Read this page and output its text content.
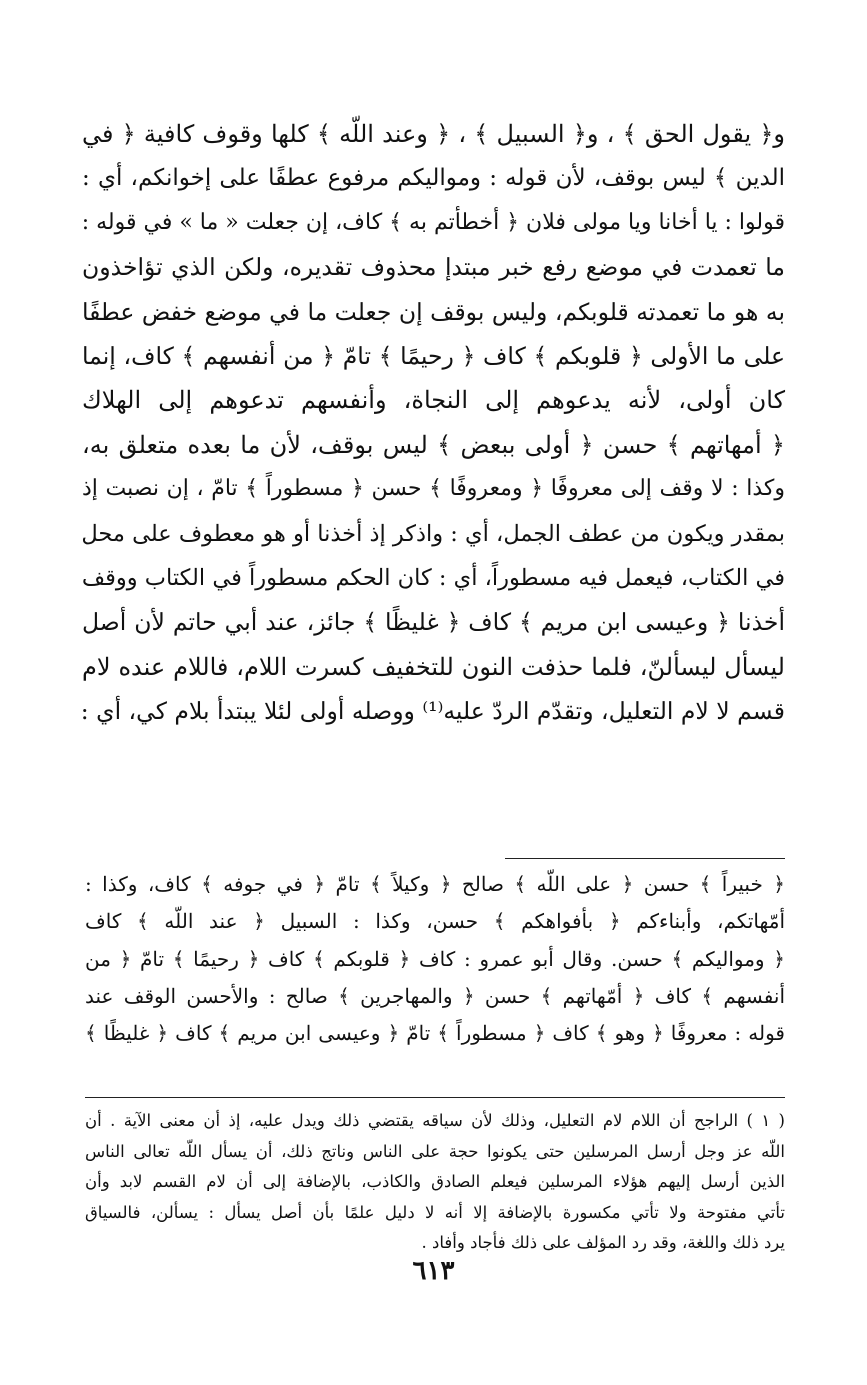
و﴿ يقول الحق ﴾ ، و﴿ السبيل ﴾ ، ﴿ وعند اللّه ﴾ كلها وقوف كافية ﴿ في

الدين ﴾ ليس بوقف، لأن قوله : ومواليكم مرفوع عطفًا على إخوانكم، أي :

قولوا : يا أخانا ويا مولى فلان ﴿ أخطأتم به ﴾ كاف، إن جعلت « ما » في قوله :

ما تعمدت في موضع رفع خبر مبتدإ محذوف تقديره، ولكن الذي تؤاخذون

به هو ما تعمدته قلوبكم، وليس بوقف إن جعلت ما في موضع خفض عطفًا

على ما الأولى ﴿ قلوبكم ﴾ كاف ﴿ رحيمًا ﴾ تامّ ﴿ من أنفسهم ﴾ كاف، إنما

كان أولى، لأنه يدعوهم إلى النجاة، وأنفسهم تدعوهم إلى الهلاك

﴿ أمهاتهم ﴾ حسن ﴿ أولى ببعض ﴾ ليس بوقف، لأن ما بعده متعلق به،

وكذا : لا وقف إلى معروفًا ﴿ ومعروفًا ﴾ حسن ﴿ مسطوراً ﴾ تامّ ، إن نصبت إذ

بمقدر ويكون من عطف الجمل، أي : واذكر إذ أخذنا أو هو معطوف على محل

في الكتاب، فيعمل فيه مسطوراً، أي : كان الحكم مسطوراً في الكتاب ووقف

أخذنا ﴿ وعيسى ابن مريم ﴾ كاف ﴿ غليظًا ﴾ جائز، عند أبي حاتم لأن أصل

ليسأل ليسألنّ، فلما حذفت النون للتخفيف كسرت اللام، فاللام عنده لام

قسم لا لام التعليل، وتقدّم الردّ عليه⁽¹⁾ ووصله أولى لئلا يبتدأ بلام كي، أي :

﴿ خبيراً ﴾ حسن ﴿ على اللّه ﴾ صالح ﴿ وكيلاً ﴾ تامّ ﴿ في جوفه ﴾ كاف، وكذا :

أمّهاتكم، وأبناءكم ﴿ بأفواهكم ﴾ حسن، وكذا : السبيل ﴿ عند اللّه ﴾ كاف

﴿ ومواليكم ﴾ حسن. وقال أبو عمرو : كاف ﴿ قلوبكم ﴾ كاف ﴿ رحيمًا ﴾ تامّ ﴿ من

أنفسهم ﴾ كاف ﴿ أمّهاتهم ﴾ حسن ﴿ والمهاجرين ﴾ صالح : والأحسن الوقف عند

قوله : معروفًا ﴿ وهو ﴾ كاف ﴿ مسطوراً ﴾ تامّ ﴿ وعيسى ابن مريم ﴾ كاف ﴿ غليظًا ﴾

( ١ ) الراجح أن اللام لام التعليل، وذلك لأن سياقه يقتضي ذلك ويدل عليه، إذ أن معنى الآية . أن

اللّه عز وجل أرسل المرسلين حتى يكونوا حجة على الناس وناتج ذلك، أن يسأل اللّه تعالى الناس

الذين أرسل إليهم هؤلاء المرسلين فيعلم الصادق والكاذب، بالإضافة إلى أن لام القسم لابد وأن

تأتي مفتوحة ولا تأتي مكسورة بالإضافة إلا أنه لا دليل علمًا بأن أصل يسأل : يسألن، فالسياق

يرد ذلك واللغة، وقد رد المؤلف على ذلك فأجاد وأفاد .

٦١٣
